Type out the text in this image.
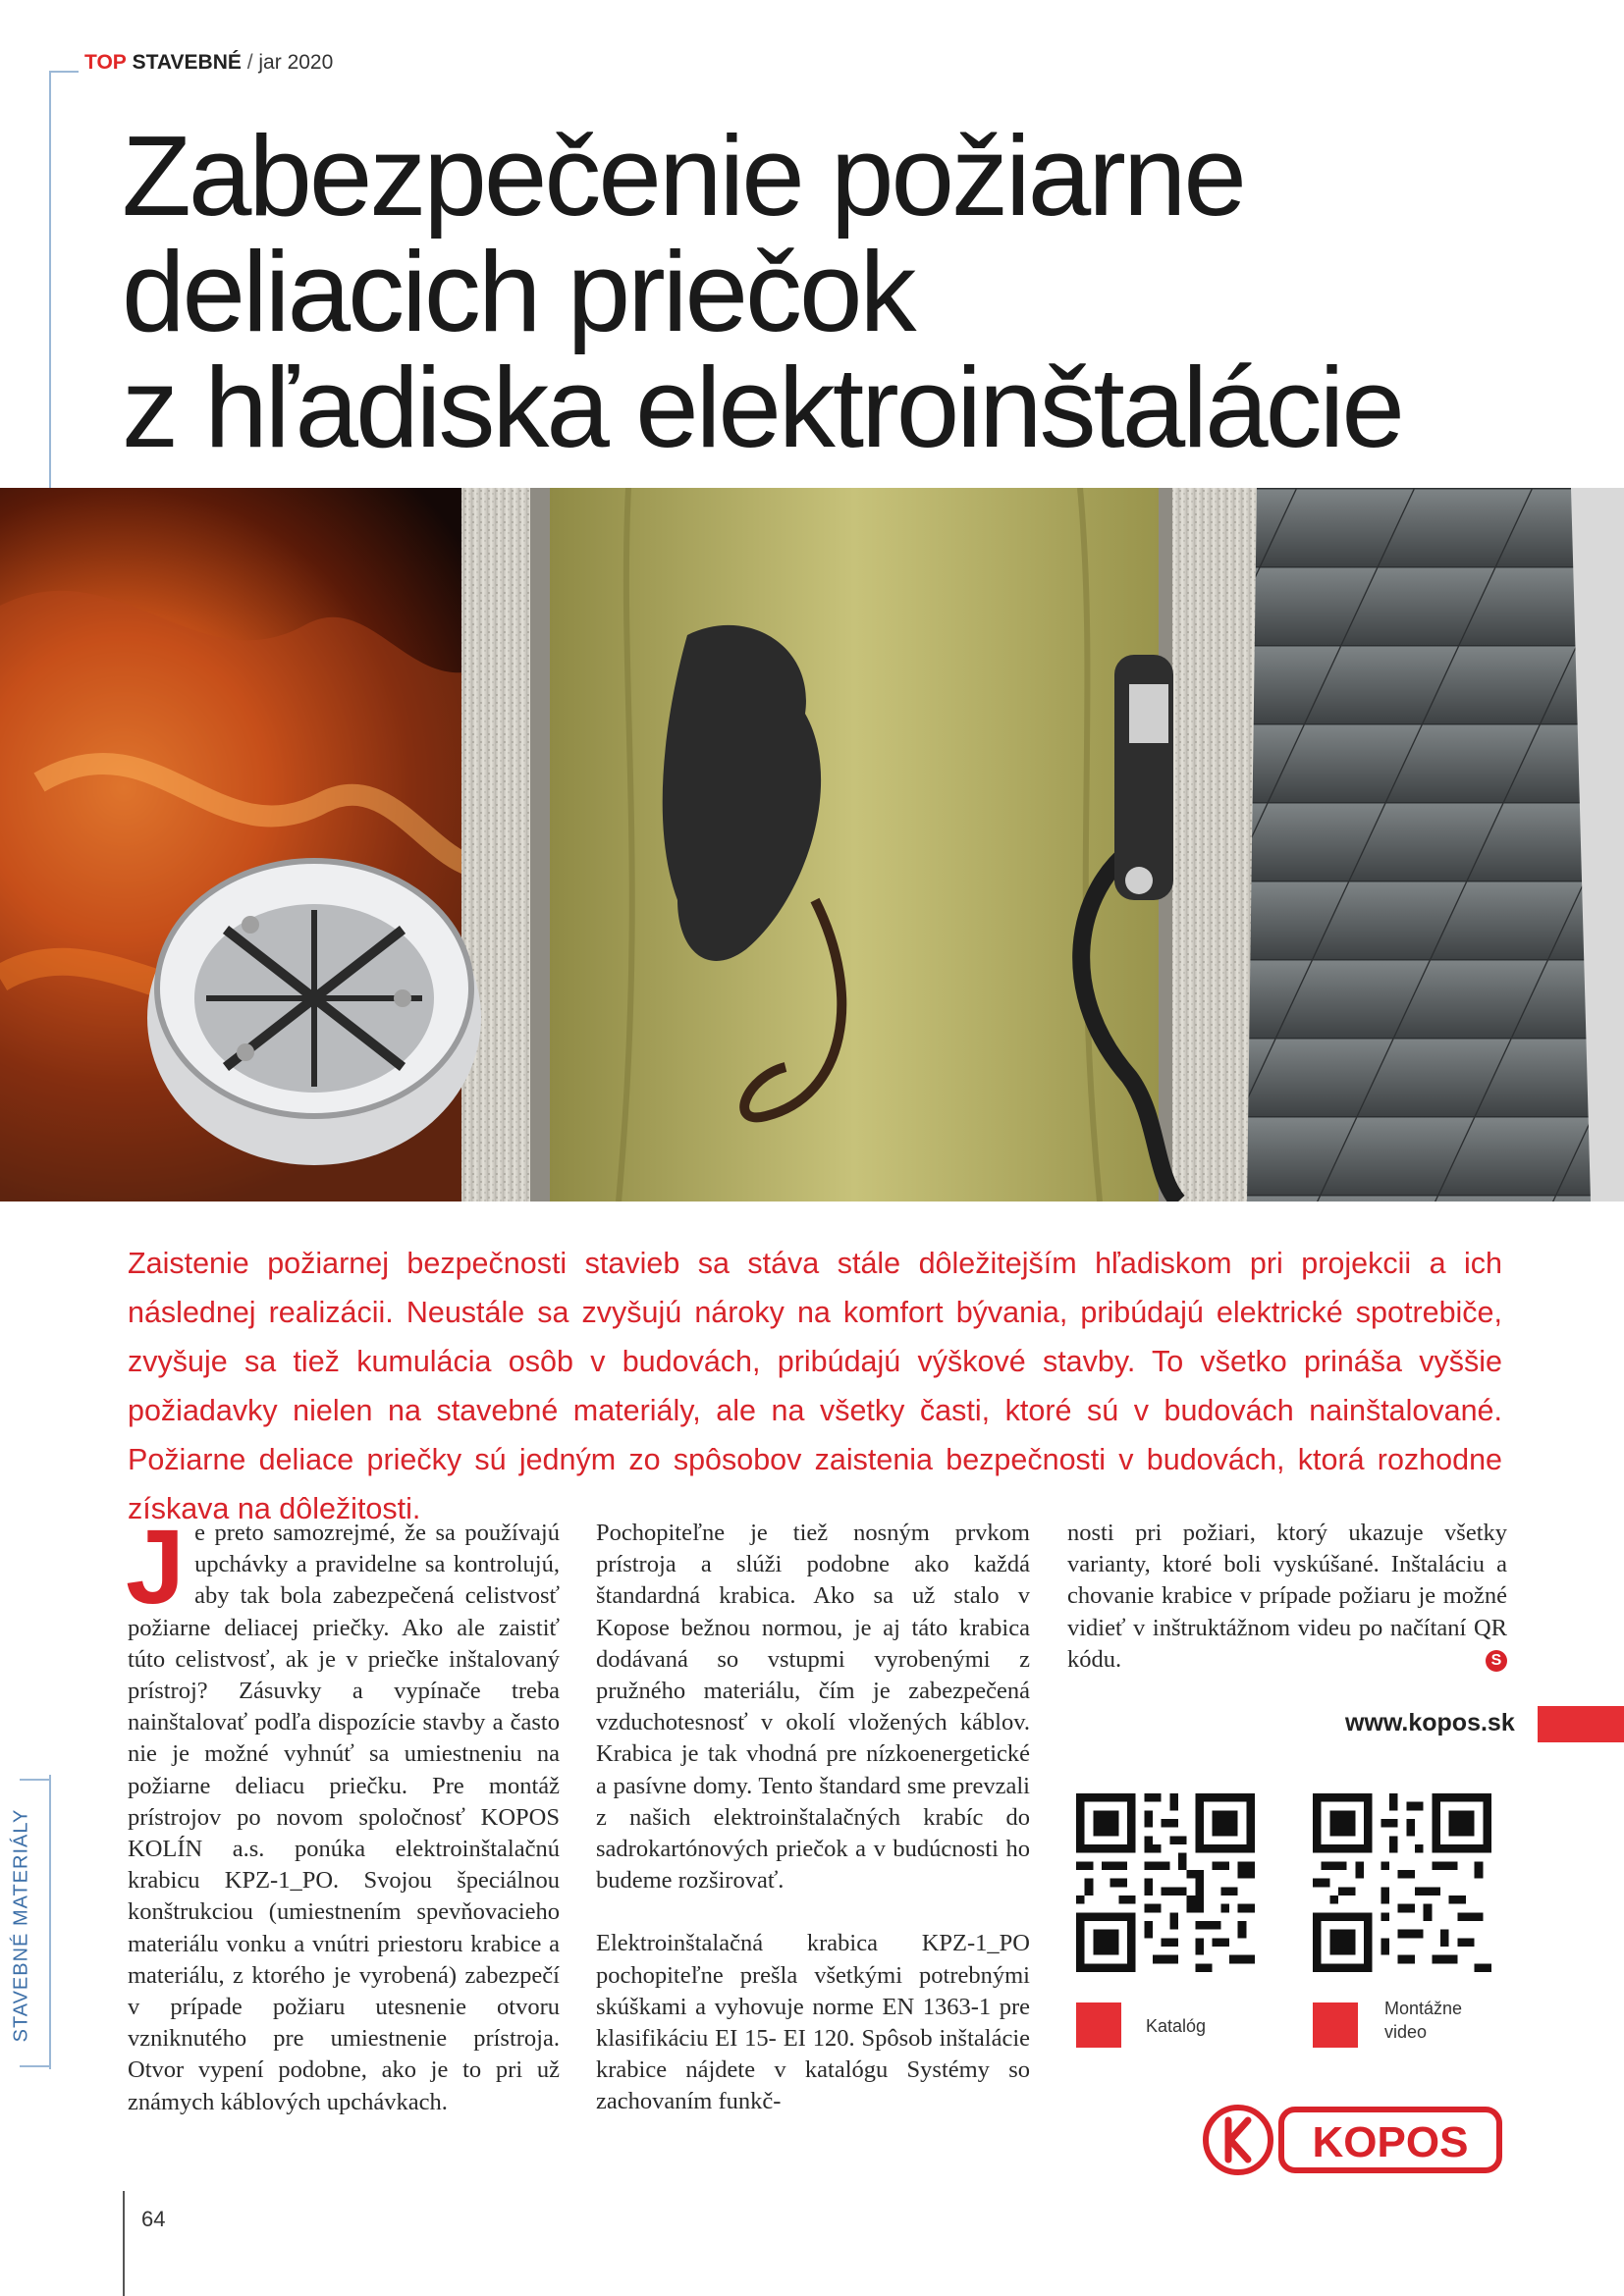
TOP STAVEBNÉ / jar 2020
Zabezpečenie požiarne
deliacich priečok
z hľadiska elektroinštalácie

Zaistenie požiarnej bezpečnosti stavieb sa stáva stále dôležitejším hľadiskom pri projekcii a ich následnej realizácii. Neustále sa zvyšujú nároky na komfort bývania, pribúdajú elektrické spotrebiče, zvyšuje sa tiež kumulácia osôb v budovách, pribúdajú výškové stavby. To všetko prináša vyššie požiadavky nielen na stavebné materiály, ale na všetky časti, ktoré sú v budovách nainštalované. Požiarne deliace priečky sú jedným zo spôsobov zaistenia bezpečnosti v budovách, ktorá rozhodne získava na dôležitosti.

Je preto samozrejmé, že sa používajú upchávky a pravidelne sa kontrolujú, aby tak bola zabezpečená celistvosť požiarne deliacej priečky. Ako ale zaistiť túto celistvosť, ak je v priečke inštalovaný prístroj? Zásuvky a vypínače treba nainštalovať podľa dispozície stavby a často nie je možné vyhnúť sa umiestneniu na požiarne deliacu priečku. Pre montáž prístrojov po novom spoločnosť KOPOS KOLÍN a.s. ponúka elektroinštalačnú krabicu KPZ-1_PO. Svojou špeciálnou konštrukciou (umiestnením spevňovacieho materiálu vonku a vnútri priestoru krabice a materiálu, z ktorého je vyrobená) zabezpečí v prípade požiaru utesnenie otvoru vzniknutého pre umiestnenie prístroja. Otvor vypení podobne, ako je to pri už známych káblových upchávkach.
Pochopiteľne je tiež nosným prvkom prístroja a slúži podobne ako každá štandardná krabica. Ako sa už stalo v Kopose bežnou normou, je aj táto krabica dodávaná so vstupmi vyrobenými z pružného materiálu, čím je zabezpečená vzduchotesnosť v okolí vložených káblov. Krabica je tak vhodná pre nízkoenergetické a pasívne domy. Tento štandard sme prevzali z našich elektroinštalačných krabíc do sadrokartónových priečok a v budúcnosti ho budeme rozširovať.
Elektroinštalačná krabica KPZ-1_PO pochopiteľne prešla všetkými potrebnými skúškami a vyhovuje norme EN 1363-1 pre klasifikáciu EI 15- EI 120. Spôsob inštalácie krabice nájdete v katalógu Systémy so zachovaním funkč-
nosti pri požiari, ktorý ukazuje všetky varianty, ktoré boli vyskúšané. Inštaláciu a chovanie krabice v prípade požiaru je možné vidieť v inštruktážnom videu po načítaní QR kódu.	S
www.kopos.sk
Katalóg
Montážne
video
KOPOS
STAVEBNÉ MATERIÁLY
64
